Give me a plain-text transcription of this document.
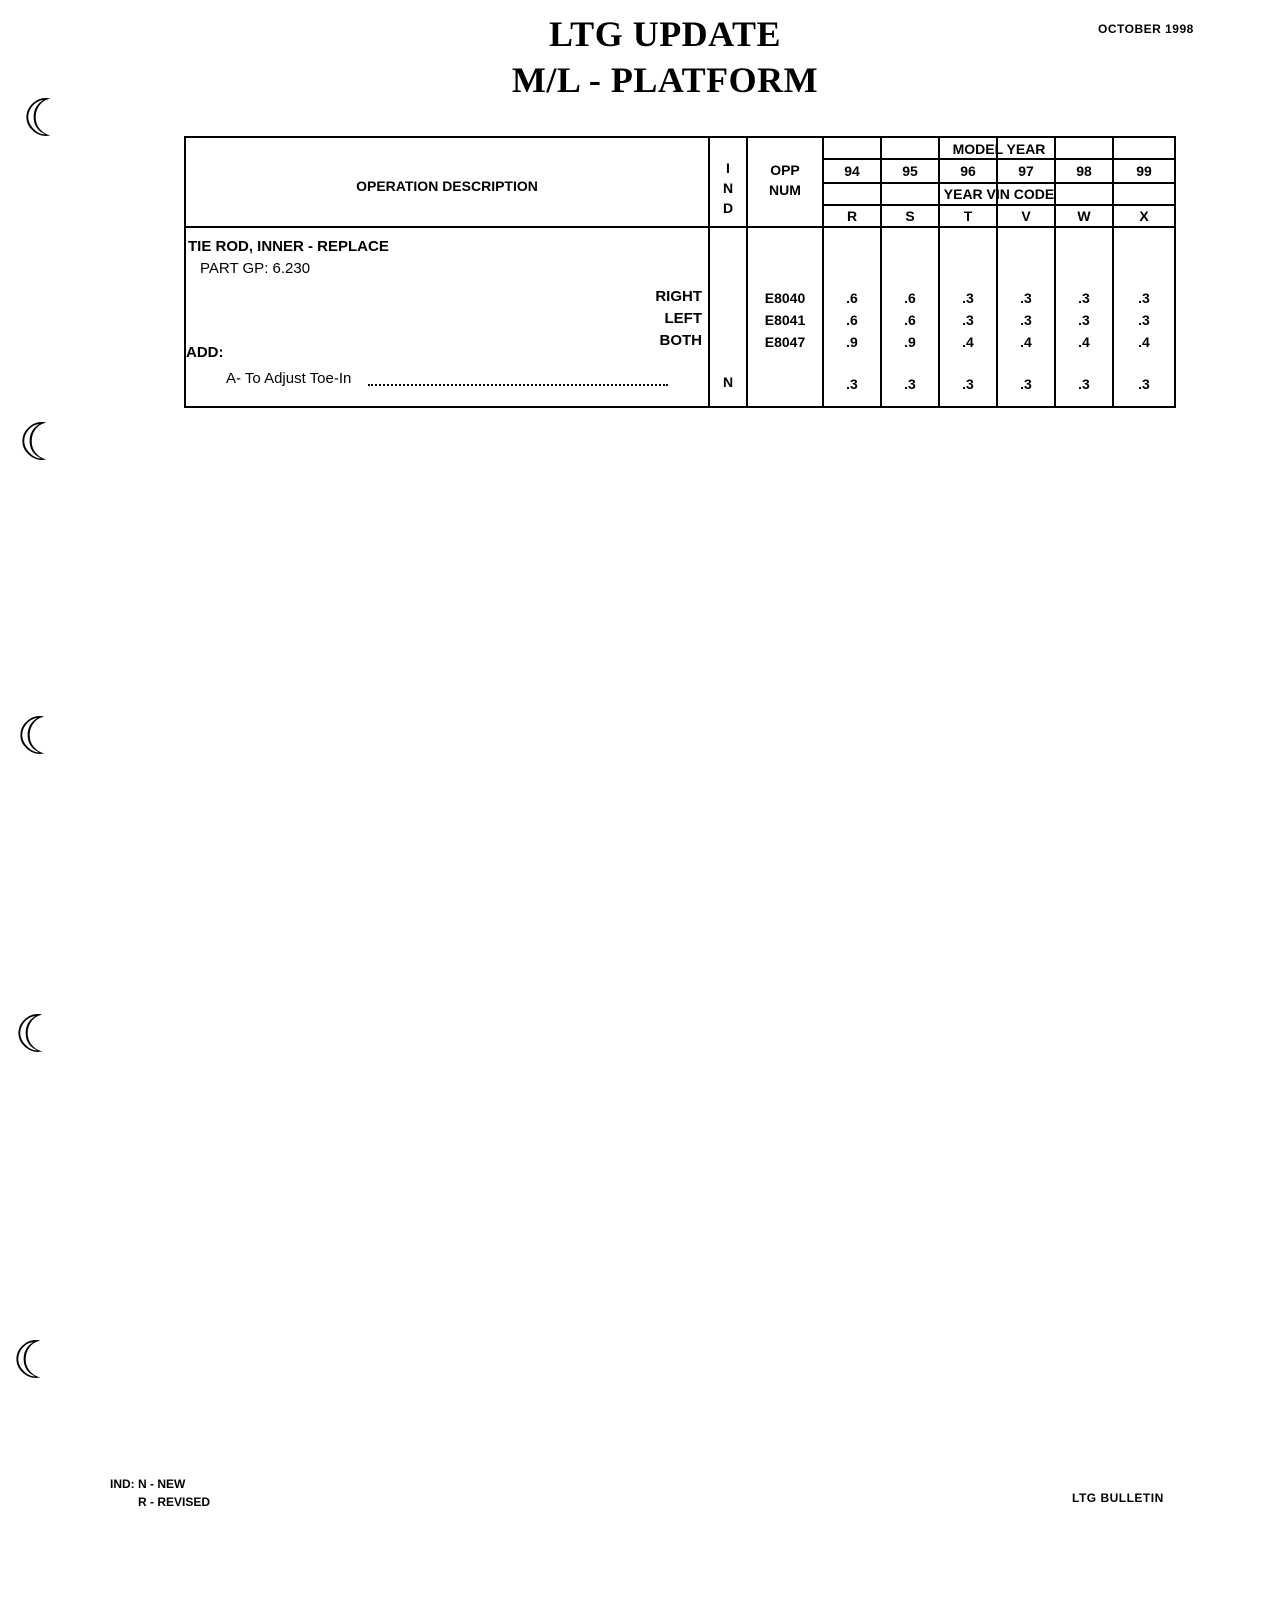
LTG UPDATE
M/L - PLATFORM
OCTOBER 1998
☾
☾
☾
☾
☾
OPERATION DESCRIPTION
I
N
D
OPP
NUM
MODEL YEAR
94	95	96	97	98	99
YEAR VIN CODE
R	S	T	V	W	X
TIE ROD, INNER - REPLACE
PART GP: 6.230
RIGHT	E8040	.6	.6	.3	.3	.3	.3
LEFT	E8041	.6	.6	.3	.3	.3	.3
BOTH	E8047	.9	.9	.4	.4	.4	.4
ADD:
A- To Adjust Toe-In	N	.3	.3	.3	.3	.3	.3
IND: N - NEW
R - REVISED	LTG BULLETIN
